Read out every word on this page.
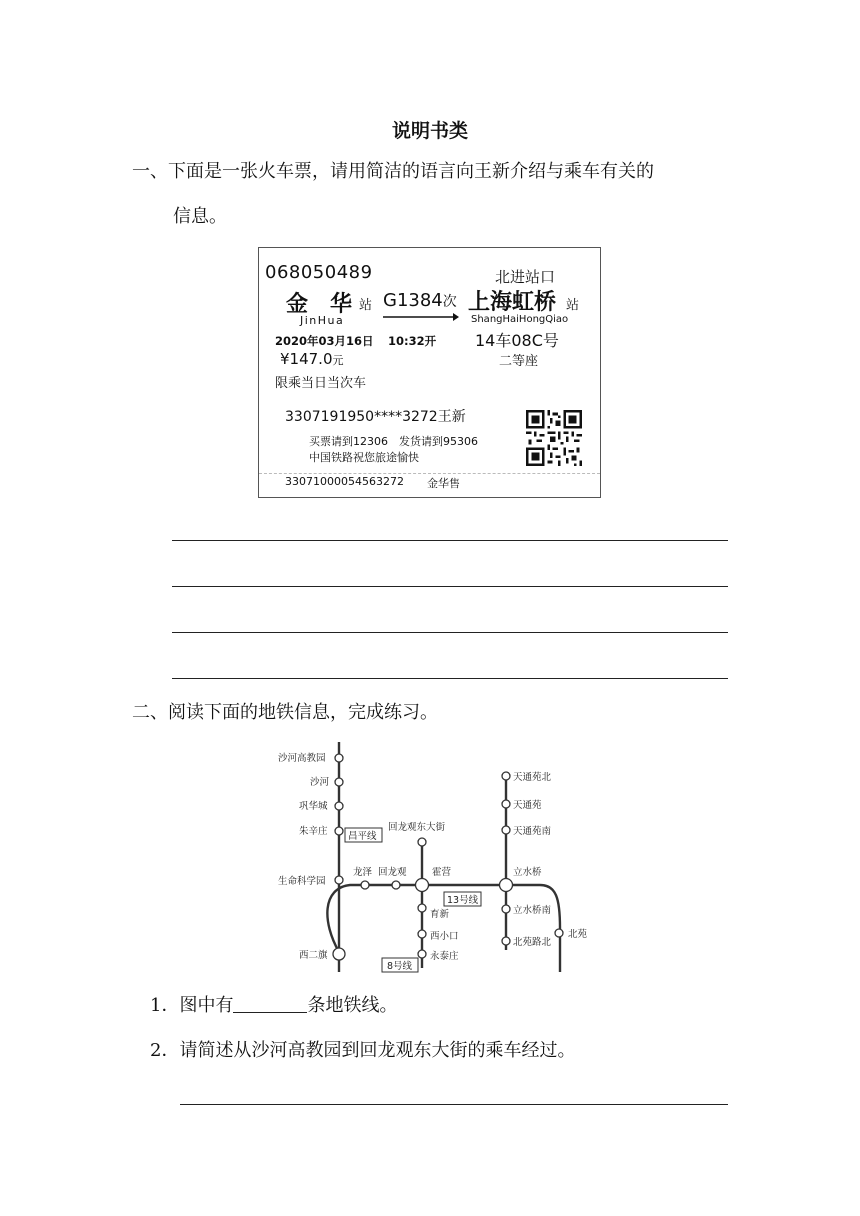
说明书类
一、下面是一张火车票，请用简洁的语言向王新介绍与乘车有关的
信息。
068050489	北进站口
金　华 站 G1384次 上海虹桥 站
JinHua	ShangHaiHongQiao
2020年03月16日 10:32开 14车08C号
¥147.0元	二等座
限乘当日当次车
3307191950****3272王新
买票请到12306　发货请到95306
中国铁路祝您旅途愉快
33071000054563272 金华售
二、阅读下面的地铁信息，完成练习。
昌平线
13号线
8号线
沙河高教园
沙河
巩华城
朱辛庄
生命科学园
西二旗
龙泽 回龙观
回龙观东大街
霍营
育新
西小口
永泰庄
天通苑北
天通苑
天通苑南
立水桥
立水桥南
北苑路北
北苑
1．图中有	条地铁线。
2．请简述从沙河高教园到回龙观东大街的乘车经过。
